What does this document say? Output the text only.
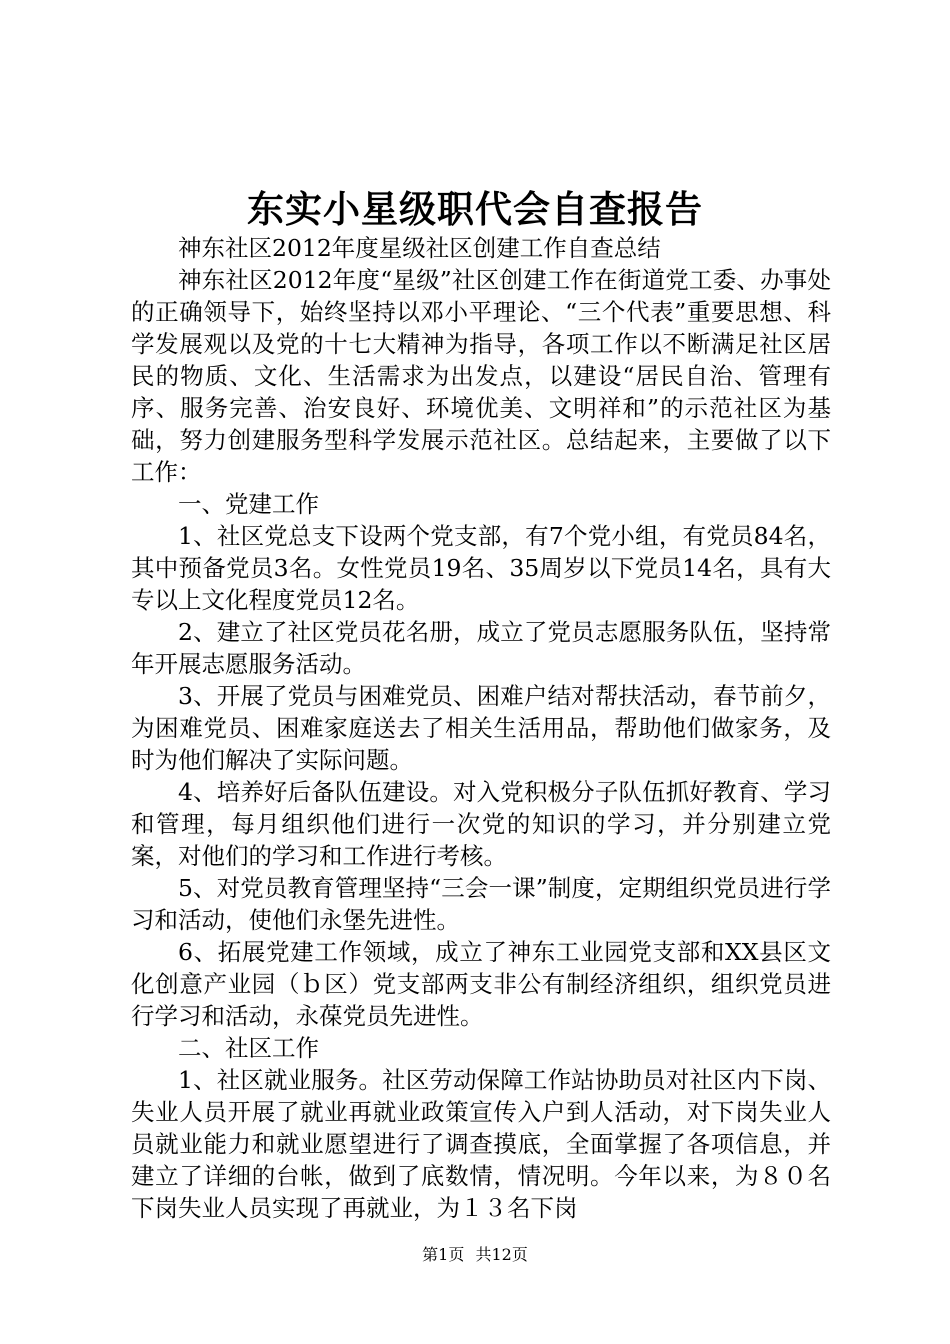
东实小星级职代会自查报告

神东社区2012年度星级社区创建工作自查总结

神东社区2012年度“星级”社区创建工作在街道党工委、办事处的正确领导下，始终坚持以邓小平理论、“三个代表”重要思想、科学发展观以及党的十七大精神为指导，各项工作以不断满足社区居民的物质、文化、生活需求为出发点，以建设“居民自治、管理有序、服务完善、治安良好、环境优美、文明祥和”的示范社区为基础，努力创建服务型科学发展示范社区。总结起来，主要做了以下工作：

一、党建工作

1、社区党总支下设两个党支部，有7个党小组，有党员84名，其中预备党员3名。女性党员19名、35周岁以下党员14名，具有大专以上文化程度党员12名。

2、建立了社区党员花名册，成立了党员志愿服务队伍，坚持常年开展志愿服务活动。

3、开展了党员与困难党员、困难户结对帮扶活动，春节前夕，为困难党员、困难家庭送去了相关生活用品，帮助他们做家务，及时为他们解决了实际问题。

4、培养好后备队伍建设。对入党积极分子队伍抓好教育、学习和管理，每月组织他们进行一次党的知识的学习，并分别建立党案，对他们的学习和工作进行考核。

5、对党员教育管理坚持“三会一课”制度，定期组织党员进行学习和活动，使他们永堡先进性。

6、拓展党建工作领域，成立了神东工业园党支部和XX县区文化创意产业园（ｂ区）党支部两支非公有制经济组织，组织党员进行学习和活动，永葆党员先进性。

二、社区工作

1、社区就业服务。社区劳动保障工作站协助员对社区内下岗、失业人员开展了就业再就业政策宣传入户到人活动，对下岗失业人员就业能力和就业愿望进行了调查摸底，全面掌握了各项信息，并建立了详细的台帐，做到了底数情，情况明。今年以来，为８０名下岗失业人员实现了再就业，为１３名下岗

第1页 共12页
